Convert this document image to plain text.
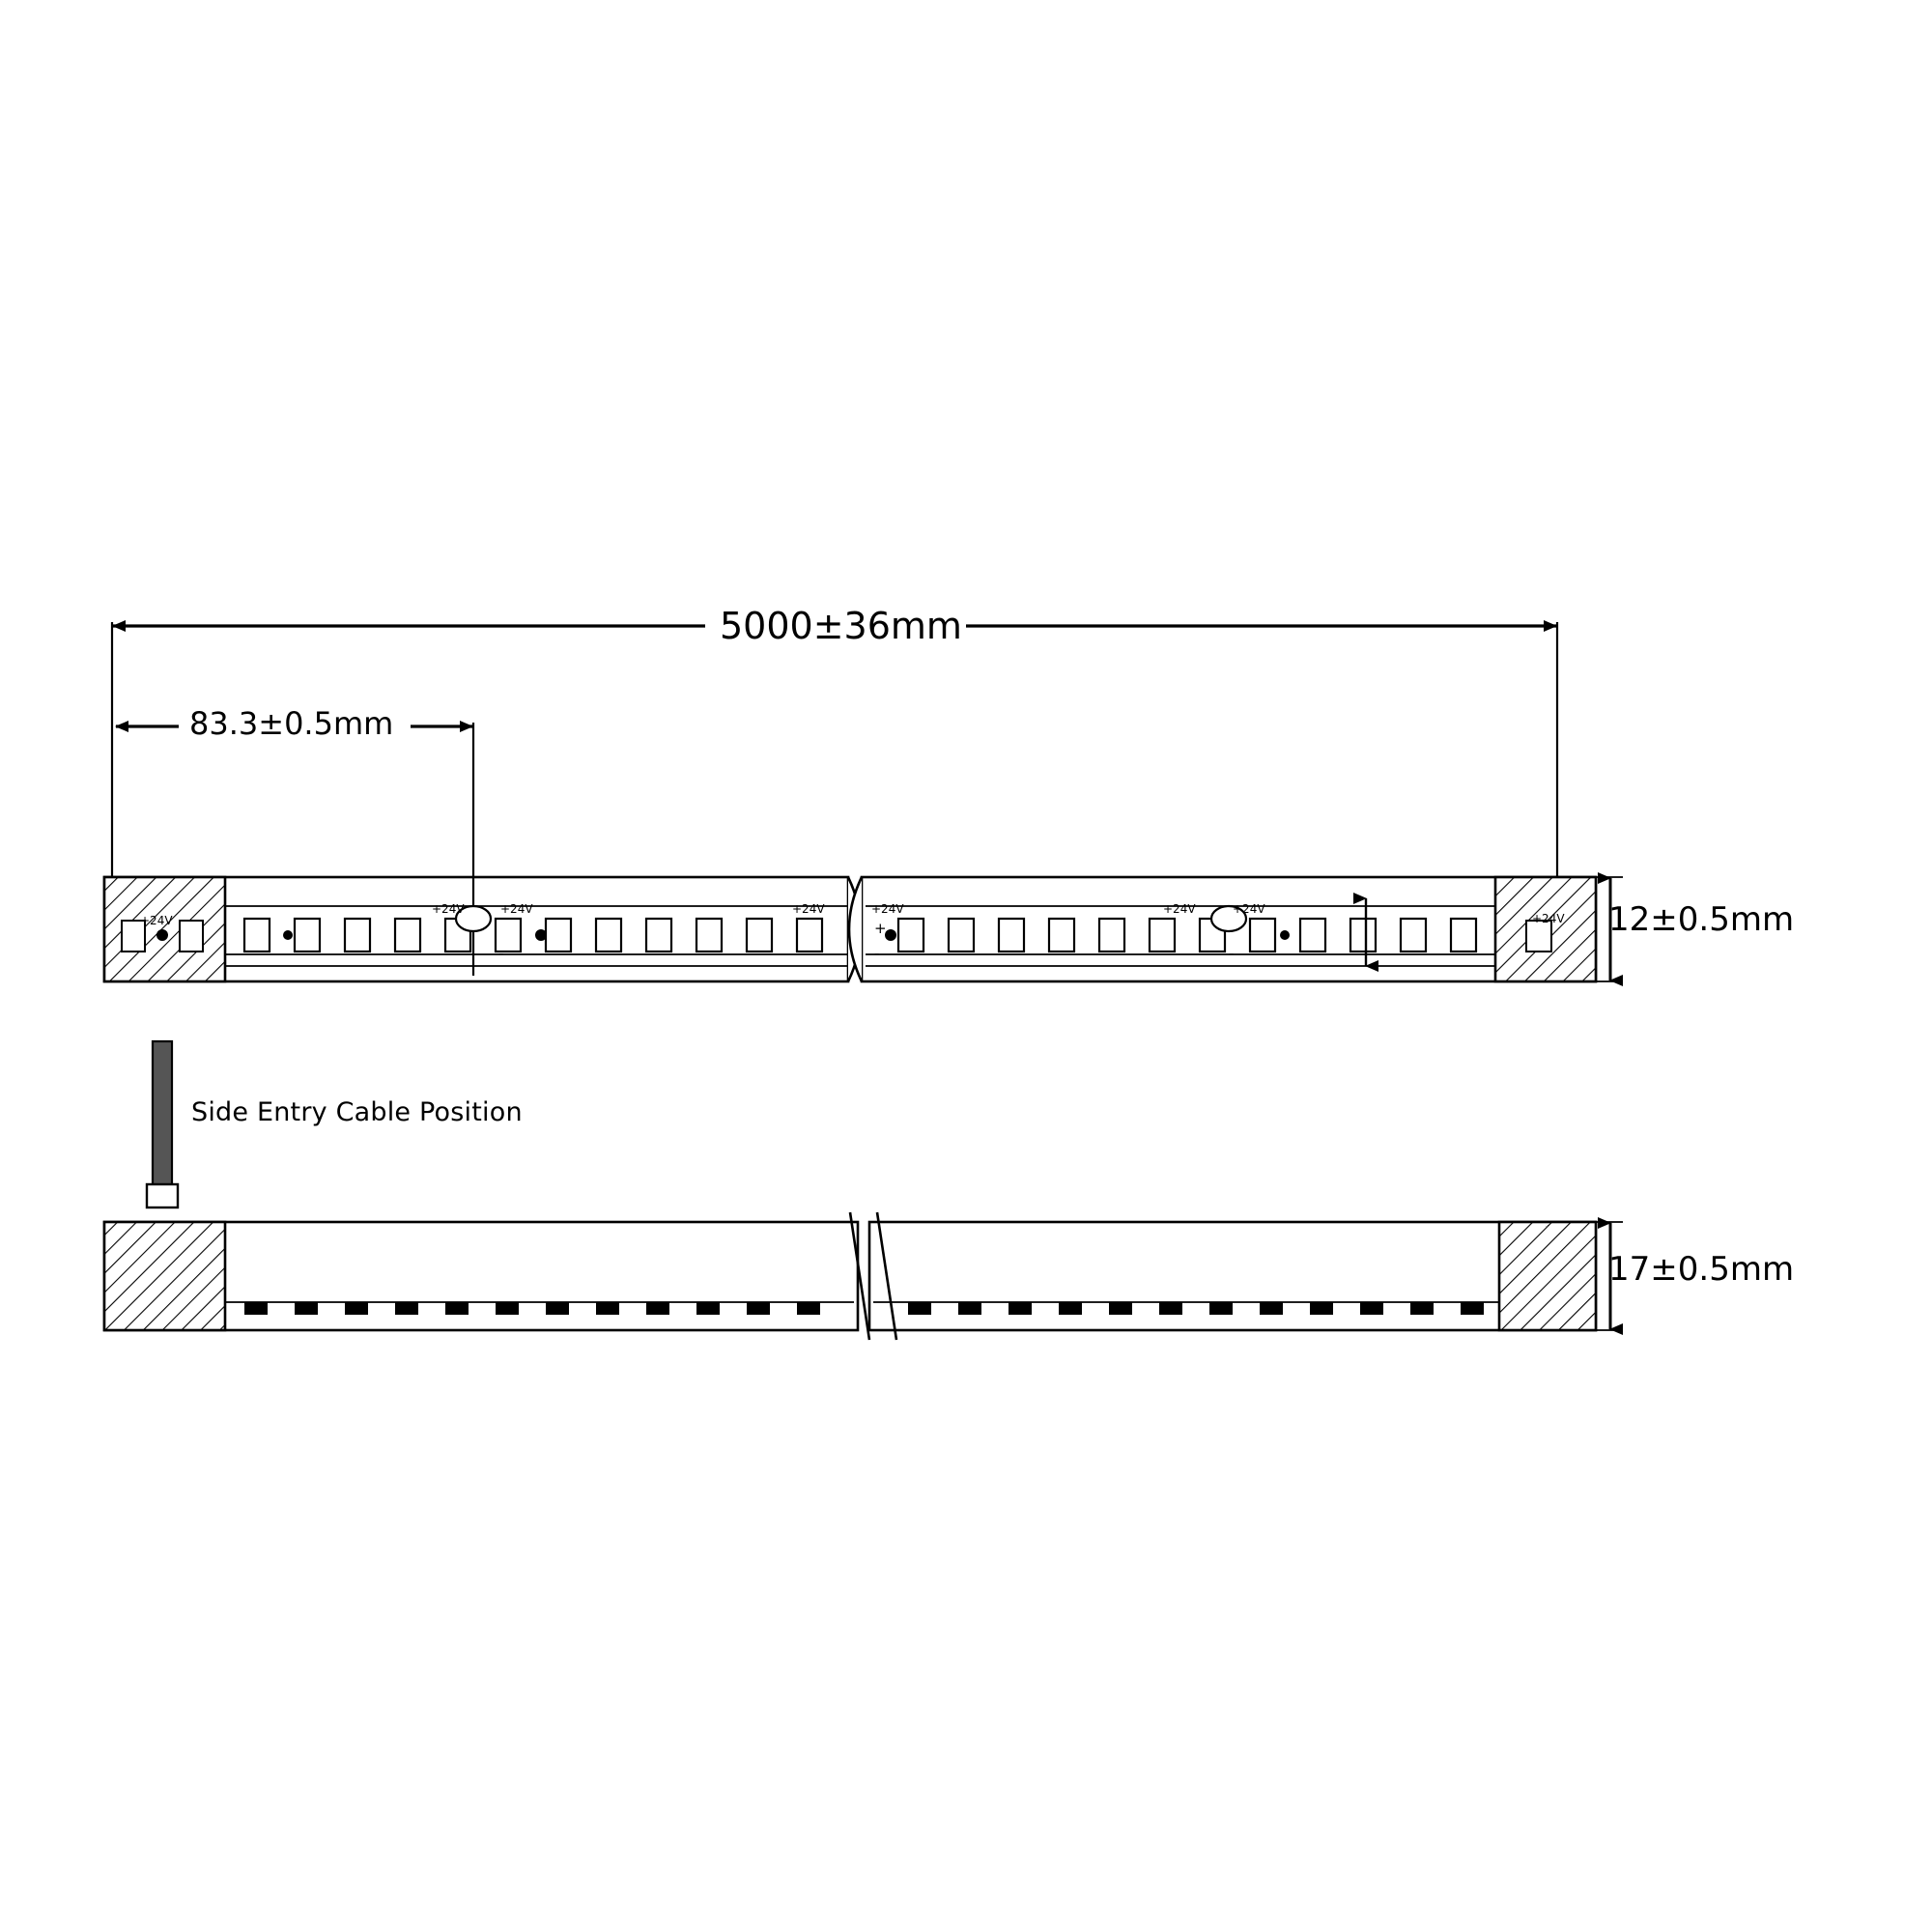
+24V
+24V	+24V	+24V	+24V	+24V	+24V
+24V
+
-
-	-
5000±36mm
83.3±0.5mm
12±0.5mm
17±0.5mm
Side Entry Cable Position
